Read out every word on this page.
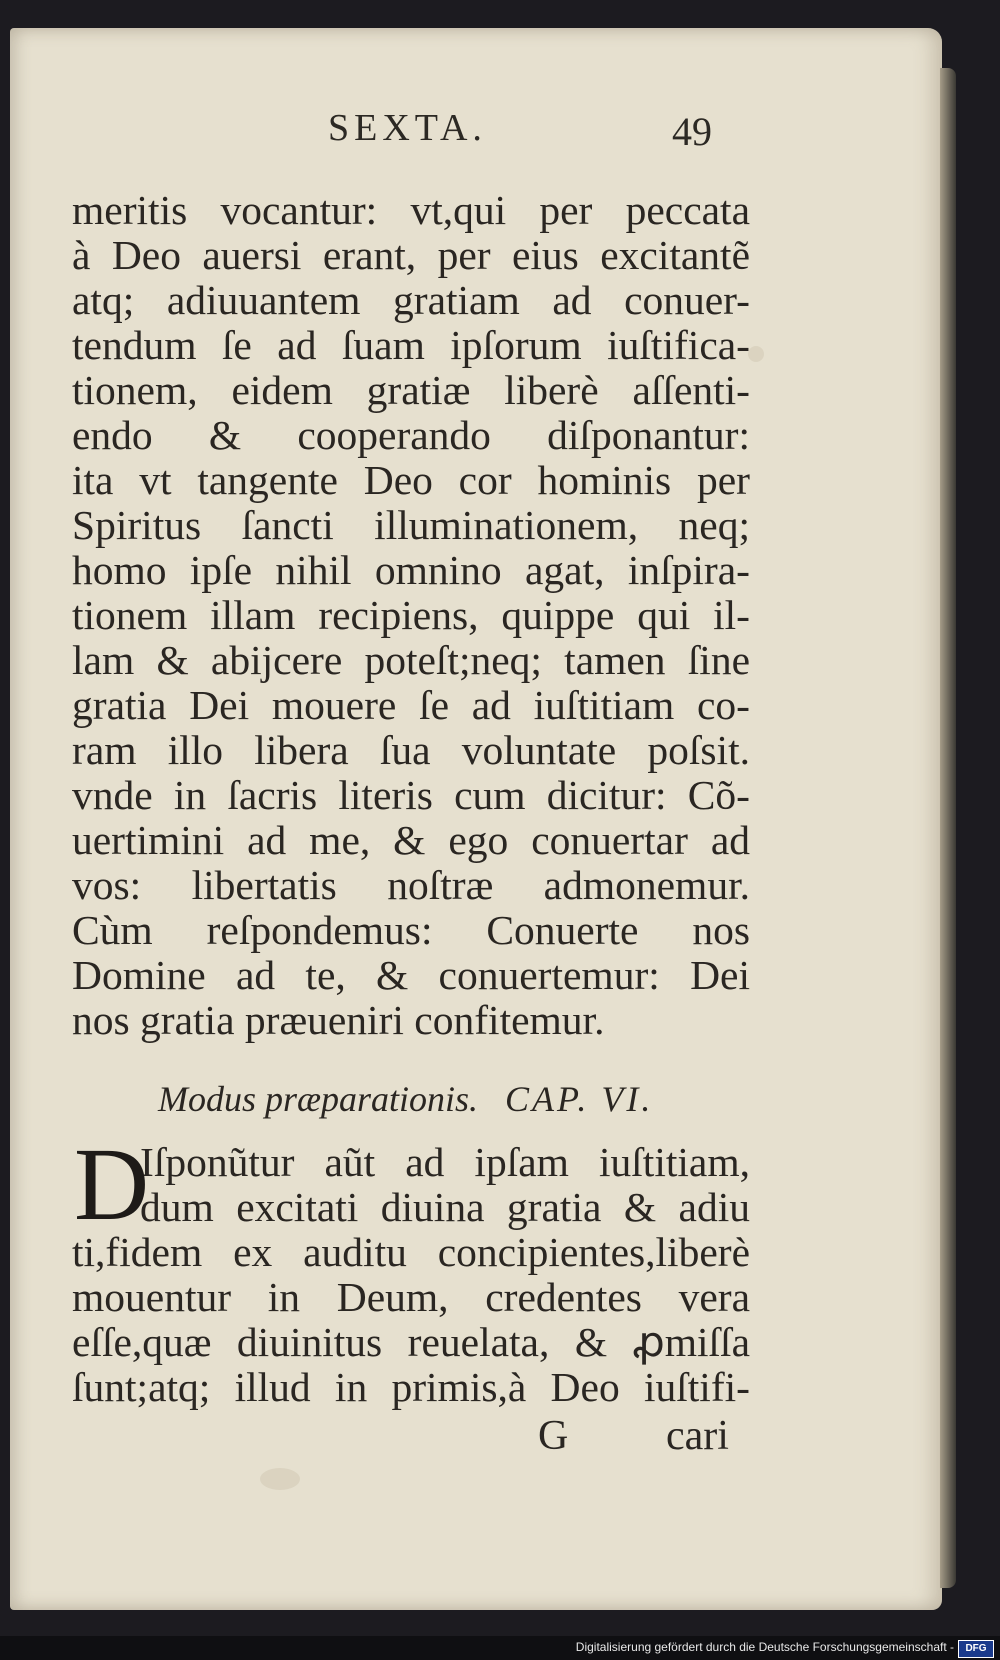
SEXTA.	49
meritis vocantur: vt,qui per peccata
à Deo auersi erant, per eius excitantẽ
atq; adiuuantem gratiam ad conuer-
tendum ſe ad ſuam ipſorum iuſtifica-
tionem, eidem gratiæ liberè aſſenti-
endo & cooperando diſponantur:
ita vt tangente Deo cor hominis per
Spiritus ſancti illuminationem, neq;
homo ipſe nihil omnino agat, inſpira-
tionem illam recipiens, quippe qui il-
lam & abijcere poteſt;neq; tamen ſine
gratia Dei mouere ſe ad iuſtitiam co-
ram illo libera ſua voluntate poſsit.
vnde in ſacris literis cum dicitur: Cõ-
uertimini ad me, & ego conuertar ad
vos: libertatis noſtræ admonemur.
Cùm reſpondemus: Conuerte nos
Domine ad te, & conuertemur: Dei
nos gratia præueniri confitemur.
Modus præparationis. CAP. VI.
D
Iſponũtur aũt ad ipſam iuſtitiam,
dum excitati diuina gratia & adiu
ti,fidem ex auditu concipientes,liberè
mouentur in Deum, credentes vera
eſſe,quæ diuinitus reuelata, & ꝓmiſſa
ſunt;atq; illud in primis,à Deo iuſtifi-
G cari
Digitalisierung gefördert durch die Deutsche Forschungsgemeinschaft -	DFG
